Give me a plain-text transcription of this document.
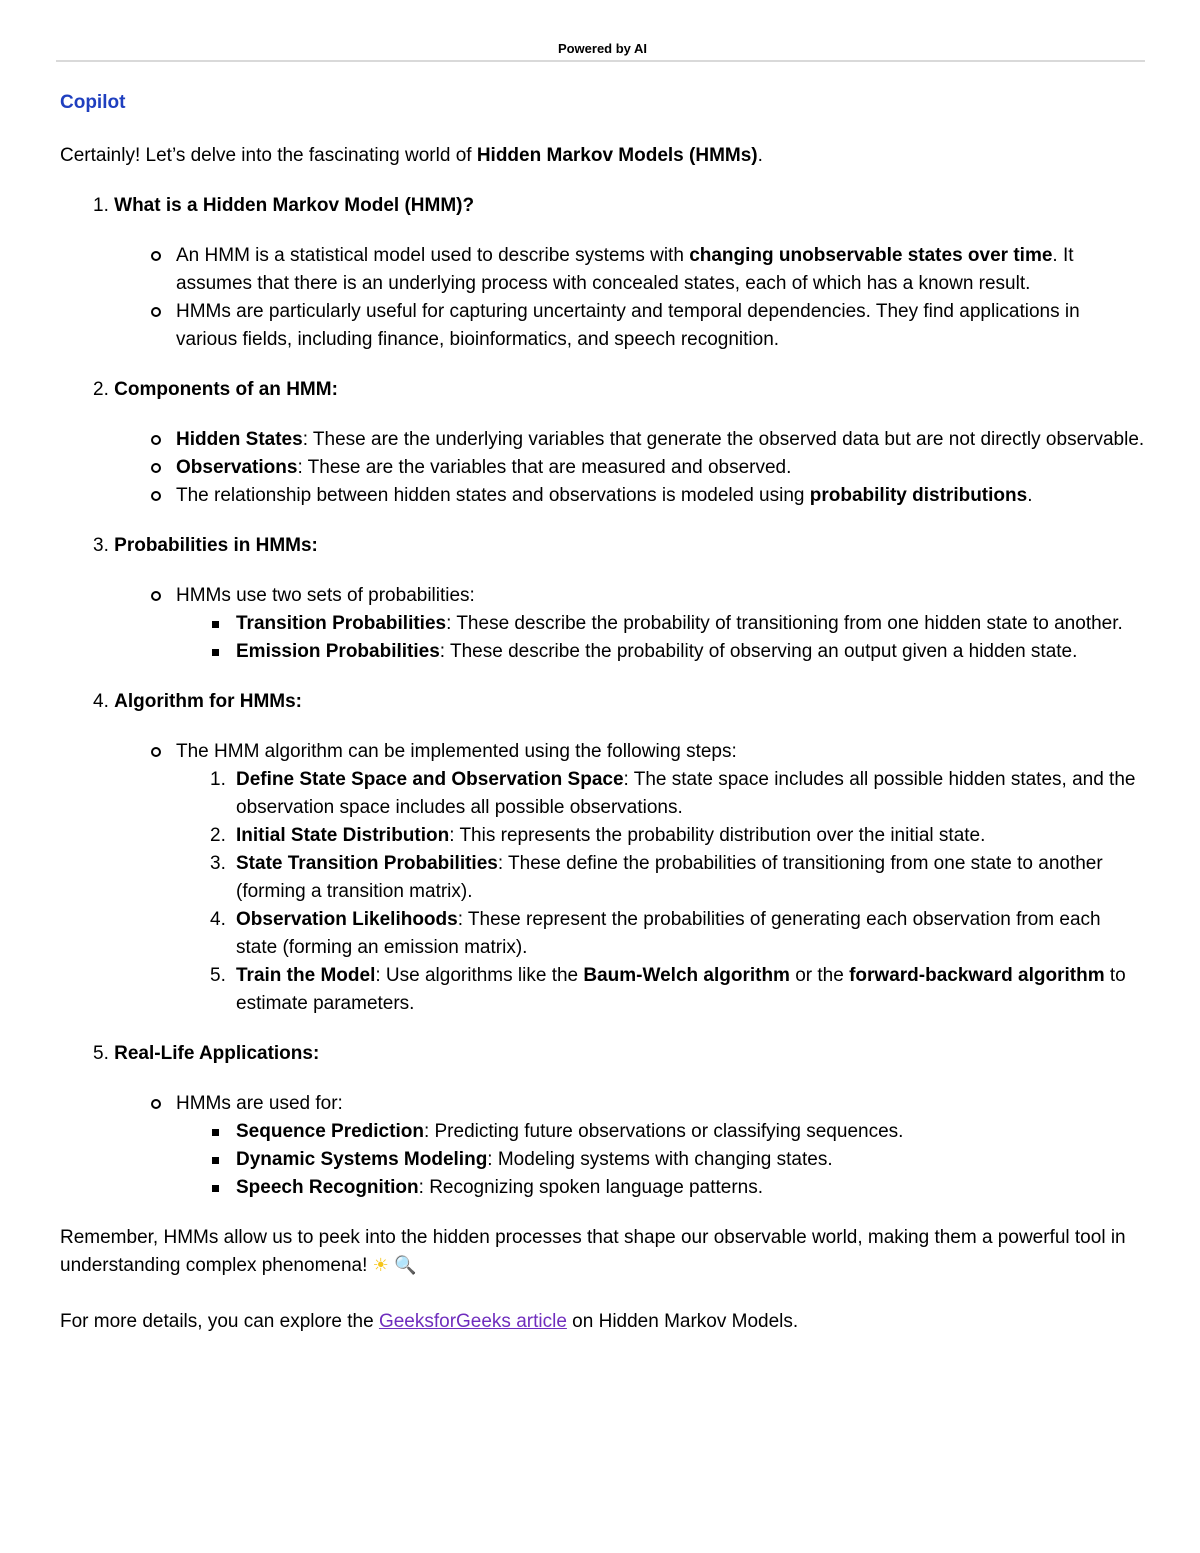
Powered by AI
Copilot

Certainly! Let’s delve into the fascinating world of Hidden Markov Models (HMMs).

1. What is a Hidden Markov Model (HMM)?
An HMM is a statistical model used to describe systems with changing unobservable states over time. It assumes that there is an underlying process with concealed states, each of which has a known result.
HMMs are particularly useful for capturing uncertainty and temporal dependencies. They find applications in various fields, including finance, bioinformatics, and speech recognition.
2. Components of an HMM:
Hidden States: These are the underlying variables that generate the observed data but are not directly observable.
Observations: These are the variables that are measured and observed.
The relationship between hidden states and observations is modeled using probability distributions.
3. Probabilities in HMMs:
HMMs use two sets of probabilities:
Transition Probabilities: These describe the probability of transitioning from one hidden state to another.
Emission Probabilities: These describe the probability of observing an output given a hidden state.
4. Algorithm for HMMs:
The HMM algorithm can be implemented using the following steps:
1. Define State Space and Observation Space: The state space includes all possible hidden states, and the observation space includes all possible observations.
2. Initial State Distribution: This represents the probability distribution over the initial state.
3. State Transition Probabilities: These define the probabilities of transitioning from one state to another (forming a transition matrix).
4. Observation Likelihoods: These represent the probabilities of generating each observation from each state (forming an emission matrix).
5. Train the Model: Use algorithms like the Baum-Welch algorithm or the forward-backward algorithm to estimate parameters.
5. Real-Life Applications:
HMMs are used for:
Sequence Prediction: Predicting future observations or classifying sequences.
Dynamic Systems Modeling: Modeling systems with changing states.
Speech Recognition: Recognizing spoken language patterns.

Remember, HMMs allow us to peek into the hidden processes that shape our observable world, making them a powerful tool in understanding complex phenomena! ☀ 🔍

For more details, you can explore the GeeksforGeeks article on Hidden Markov Models.
